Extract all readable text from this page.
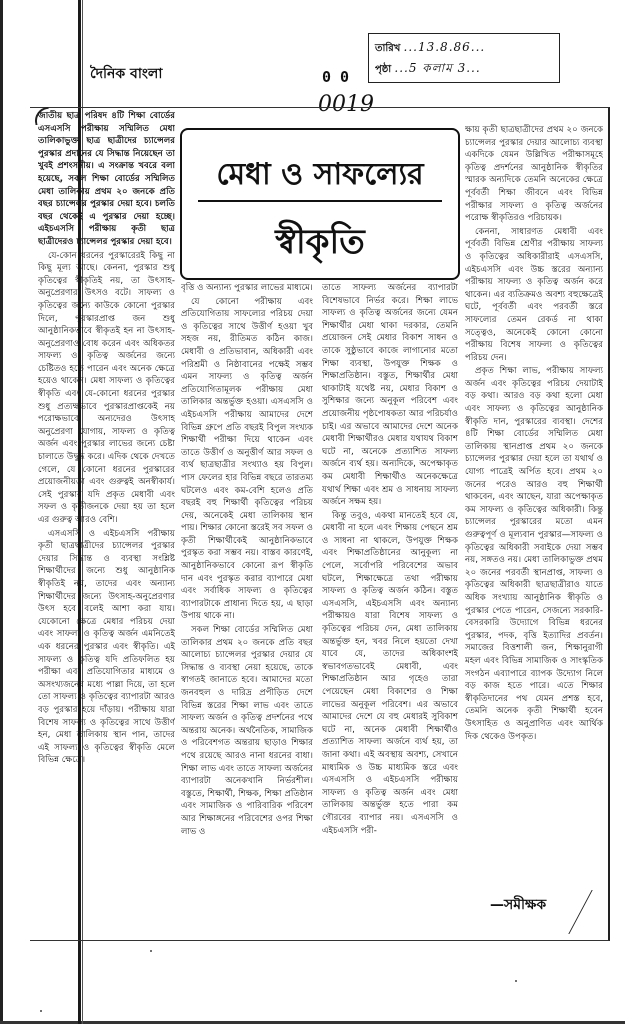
দৈনিক বাংলা	0 0
0019
তারিখ ...13.8.86...
পৃষ্ঠা ...5 কলাম 3...
মেধা ও সাফল্যের
স্বীকৃতি

জাতীয় ছাত্র পরিষদ ৪টি শিক্ষা বোর্ডের এসএসসি পরীক্ষায় সম্মিলিত মেধা তালিকাভুক্ত ছাত্র ছাত্রীদের চ্যান্সেলর পুরস্কার প্রদানের যে সিদ্ধান্ত নিয়েছেন তা খুবই প্রশংসনীয়। এ সংক্রান্ত খবরে বলা হয়েছে, সকল শিক্ষা বোর্ডের সম্মিলিত মেধা তালিকায় প্রথম ২০ জনকে প্রতি বছর চ্যান্সেলর পুরস্কার দেয়া হবে। চলতি বছর থেকেই এ পুরস্কার দেয়া হচ্ছে। এইচএসসি পরীক্ষায় কৃতী ছাত্র ছাত্রীদেরও চ্যান্সেলর পুরস্কার দেয়া হবে।

যে-কোন ধরনের পুরস্কারেরই কিছু না কিছু মূল্য আছে। কেননা, পুরস্কার শুধু কৃতিত্বের স্বীকৃতিই নয়, তা উৎসাহ-অনুপ্রেরণার উৎসও বটে। সাফল্য ও কৃতিত্বের জন্যে কাউকে কোনো পুরস্কার দিলে, পুরস্কারপ্রাপ্ত জন শুধু আনুষ্ঠানিকভাবে স্বীকৃতই হন না উৎসাহ-অনুপ্রেরণাও বোধ করেন এবং অধিকতর সাফল্য ও কৃতিত্ব অর্জনের জন্যে চেষ্টিতও হতে পারেন এবং অনেক ক্ষেত্রে হয়েও থাকেন। মেধা সাফল্য ও কৃতিত্বের স্বীকৃতি এবং যে-কোনো ধরনের পুরস্কার শুধু প্রত্যক্ষভাবে পুরস্কারপ্রাপ্তকেই নয় পরোক্ষভাবে অন্যদেরও উৎসাহ অনুপ্রেরণা যোগায়, সাফল্য ও কৃতিত্ব অর্জন এবং পুরস্কার লাভের জন্যে চেষ্টা চালাতে উদ্বুদ্ধ করে। এদিক থেকে দেখতে গেলে, যে কোনো ধরনের পুরস্কারের প্রয়োজনীয়তা এবং গুরুত্বই অনস্বীকার্য। সেই পুরস্কার যদি প্রকৃত মেধাবী এবং সফল ও কৃতীজনকে দেয়া হয় তা হলে এর গুরুত্ব আরও বেশি।

এসএসসি ও এইচএসসি পরীক্ষায় কৃতী ছাত্রছাত্রীদের চ্যান্সেলর পুরস্কার দেয়ার সিদ্ধান্ত ও ব্যবস্থা সংশ্লিষ্ট শিক্ষার্থীদের জন্যে শুধু আনুষ্ঠানিক স্বীকৃতিই নয়, তাদের এবং অন্যান্য শিক্ষার্থীদের জন্যে উৎসাহ-অনুপ্রেরণার উৎস হবে বলেই আশা করা যায়। যেকোনো ক্ষেত্রে মেধার পরিচয় দেয়া এবং সাফল্য ও কৃতিত্ব অর্জন এমনিতেই এক ধরনের পুরস্কার এবং স্বীকৃতি। এই সাফল্য ও কৃতিত্ব যদি প্রতিফলিত হয় পরীক্ষা এবং প্রতিযোগিতার মাধ্যমে ও অসংখ্যজনের মধ্যে পাল্লা দিয়ে, তা হলে তো সাফল্য ও কৃতিত্বের ব্যাপারটা আরও বড় পুরস্কার হয়ে দাঁড়ায়। পরীক্ষায় যারা বিশেষ সাফল্য ও কৃতিত্বের সাথে উত্তীর্ণ হন, মেধা তালিকায় স্থান পান, তাদের এই সাফল্য ও কৃতিত্বের স্বীকৃতি মেলে বিভিন্ন ক্ষেত্রে।

বৃত্তি ও অন্যান্য পুরস্কার লাভের মাধ্যমে।

যে কোনো পরীক্ষায় এবং প্রতিযোগিতায় সাফল্যের পরিচয় দেয়া ও কৃতিত্বের সাথে উত্তীর্ণ হওয়া খুব সহজ নয়, রীতিমত কঠিন কাজ। মেধাবী ও প্রতিভাবান, অধিকারী এবং পরিশ্রমী ও নিষ্ঠাবানের পক্ষেই সম্ভব এমন সাফল্য ও কৃতিত্ব অর্জন প্রতিযোগিতামূলক পরীক্ষায় মেধা তালিকার অন্তর্ভুক্ত হওয়া। এসএসসি ও এইচএসসি পরীক্ষায় আমাদের দেশে বিভিন্ন গ্রুপে প্রতি বছরই বিপুল সংখ্যক শিক্ষার্থী পরীক্ষা দিয়ে থাকেন এবং তাতে উত্তীর্ণ ও অনুত্তীর্ণ আর সফল ও ব্যর্থ ছাত্রছাত্রীর সংখ্যাও হয় বিপুল। পাস ফেলের হার বিভিন্ন বছরে তারতম্য ঘটলেও এবং কম-বেশি হলেও প্রতি বছরই বহু শিক্ষার্থী কৃতিত্বের পরিচয় দেয়, অনেকেই মেধা তালিকায় স্থান পায়। শিক্ষার কোনো স্তরেই সব সফল ও কৃতী শিক্ষার্থীকেই আনুষ্ঠানিকভাবে পুরস্কৃত করা সম্ভব নয়। বাস্তব কারণেই, আনুষ্ঠানিকভাবে কোনো রূপ স্বীকৃতি দান এবং পুরস্কৃত করার ব্যাপারে মেধা এবং সর্বাধিক সাফল্য ও কৃতিত্বের ব্যাপারটাকে প্রাধান্য দিতে হয়, এ ছাড়া উপায় থাকে না।

সকল শিক্ষা বোর্ডের সম্মিলিত মেধা তালিকার প্রথম ২০ জনকে প্রতি বছর আলোচ্য চ্যান্সেলর পুরস্কার দেয়ার যে সিদ্ধান্ত ও ব্যবস্থা নেয়া হয়েছে, তাকে স্বাগতই জানাতে হবে। আমাদের মতো জনবহুল ও দারিদ্র প্রপীড়িত দেশে বিভিন্ন স্তরের শিক্ষা লাভ এবং তাতে সাফল্য অর্জন ও কৃতিত্ব প্রদর্শনের পথে অন্তরায় অনেক। অর্থনৈতিক, সামাজিক ও পরিবেশগত অন্তরায় ছাড়াও শিক্ষার পথে রয়েছে আরও নানা ধরনের বাধা। শিক্ষা লাভ এবং তাতে সাফল্য অর্জনের ব্যাপারটা অনেকখানি নির্ভরশীল। বস্তুতে, শিক্ষার্থী, শিক্ষক, শিক্ষা প্রতিষ্ঠান এবং সামাজিক ও পারিবারিক পরিবেশ আর শিক্ষাঙ্গনের পরিবেশের ওপর শিক্ষা লাভ ও

তাতে সাফল্য অর্জনের ব্যাপারটা বিশেষভাবে নির্ভর করে। শিক্ষা লাভে সাফল্য ও কৃতিত্ব অর্জনের জন্যে যেমন শিক্ষার্থীর মেধা থাকা দরকার, তেমনি প্রয়োজন সেই মেধার বিকাশ সাধন ও তাকে সুষ্ঠুভাবে কাজে লাগানোর মতো শিক্ষা ব্যবস্থা, উপযুক্ত শিক্ষক ও শিক্ষাপ্রতিষ্ঠান। বস্তুত, শিক্ষার্থীর মেধা থাকাটাই যথেষ্ট নয়, মেধার বিকাশ ও সুশিক্ষার জন্যে অনুকূল পরিবেশ এবং প্রয়োজনীয় পৃষ্ঠপোষকতা আর পরিচর্যাও চাই। এর অভাবে আমাদের দেশে অনেক মেধাবী শিক্ষার্থীরও মেধার যথাযথ বিকাশ ঘটে না, অনেকে প্রত্যাশিত সাফল্য অর্জনে ব্যর্থ হয়। অন্যদিকে, অপেক্ষাকৃত কম মেধাবী শিক্ষার্থীও অনেকক্ষেত্রে যথার্থ শিক্ষা এবং শ্রম ও সাধনায় সাফল্য অর্জনে সক্ষম হয়।

কিন্তু তবুও, একথা মানতেই হবে যে, মেধাবী না হলে এবং শিক্ষায় পেছনে শ্রম ও সাধনা না থাকলে, উপযুক্ত শিক্ষক এবং শিক্ষাপ্রতিষ্ঠানের আনুকূল্য না পেলে, সর্বোপরি পরিবেশের অভাব ঘটলে, শিক্ষাক্ষেত্রে তথা পরীক্ষায় সাফল্য ও কৃতিত্ব অর্জন কঠিন। বস্তুত এসএসসি, এইচএসসি এবং অন্যান্য পরীক্ষায়ও যারা বিশেষ সাফল্য ও কৃতিত্বের পরিচয় দেন, মেধা তালিকায় অন্তর্ভুক্ত হন, খবর নিলে হয়তো দেখা যাবে যে, তাদের অধিকাংশই স্বভাবগতভাবেই মেধাবী, এবং শিক্ষাপ্রতিষ্ঠান আর গৃহেও তারা পেয়েছেন মেধা বিকাশের ও শিক্ষা লাভের অনুকূল পরিবেশ। এর অভাবে আমাদের দেশে যে বহু মেধারই সুবিকাশ ঘটে না, অনেক মেধাবী শিক্ষার্থীও প্রত্যাশিত সাফল্য অর্জনে ব্যর্থ হয়, তা জানা কথা। এই অবস্থায় অবশ্য, সেখানে মাধ্যমিক ও উচ্চ মাধ্যমিক স্তরে এবং এসএসসি ও এইচএসসি পরীক্ষায় সাফল্য ও কৃতিত্ব অর্জন এবং মেধা তালিকায় অন্তর্ভুক্ত হতে পারা কম গৌরবের ব্যাপার নয়। এসএসসি ও এইচএসসি পরী-

ক্ষায় কৃতী ছাত্রছাত্রীদের প্রথম ২০ জনকে চ্যান্সেলর পুরস্কার দেয়ার আলোচ্য ব্যবস্থা একদিকে যেমন উল্লিখিত পরীক্ষাসমূহে কৃতিত্ব প্রদর্শনের আনুষ্ঠানিক স্বীকৃতির স্মারক অন্যদিকে তেমনি অনেকের ক্ষেত্রে পূর্ববর্তী শিক্ষা জীবনে এবং বিভিন্ন পরীক্ষার সাফল্য ও কৃতিত্ব অর্জনের পরোক্ষ স্বীকৃতিরও পরিচায়ক।

কেননা, সাধারণত মেধাবী এবং পূর্ববর্তী বিভিন্ন শ্রেণীর পরীক্ষায় সাফল্য ও কৃতিত্বের অধিকারীরাই এসএসসি, এইচএসসি এবং উচ্চ স্তরের অন্যান্য পরীক্ষায় সাফল্য ও কৃতিত্ব অর্জন করে থাকেন। এর ব্যতিক্রমও অবশ্য বহুক্ষেত্রেই ঘটে, পূর্ববর্তী এবং পরবর্তী স্তরে সাফল্যের তেমন রেকর্ড না থাকা সত্ত্বেও, অনেকেই কোনো কোনো পরীক্ষায় বিশেষ সাফল্য ও কৃতিত্বের পরিচয় দেন।

প্রকৃত শিক্ষা লাভ, পরীক্ষায় সাফল্য অর্জন এবং কৃতিত্বের পরিচয় দেয়াটাই বড় কথা। আরও বড় কথা হলো মেধা এবং সাফল্য ও কৃতিত্বের আনুষ্ঠানিক স্বীকৃতি দান, পুরস্কারের ব্যবস্থা। দেশের ৪টি শিক্ষা বোর্ডের সম্মিলিত মেধা তালিকায় স্থানপ্রাপ্ত প্রথম ২০ জনকে চ্যান্সেলর পুরস্কার দেয়া হলে তা যথার্থ ও যোগ্য পাত্রেই অর্পিত হবে। প্রথম ২০ জনের পরেও আরও বহু শিক্ষার্থী থাকবেন, এবং আছেন, যারা অপেক্ষাকৃত কম সাফল্য ও কৃতিত্বের অধিকারী। কিন্তু চ্যান্সেলর পুরস্কারের মতো এমন গুরুত্বপূর্ণ ও মূল্যবান পুরস্কার—সাফল্য ও কৃতিত্বের অধিকারী সবাইকে দেয়া সম্ভব নয়, সঙ্গতও নয়। মেধা তালিকাভুক্ত প্রথম ২০ জনের পরবর্তী স্থানপ্রাপ্ত, সাফল্য ও কৃতিত্বের অধিকারী ছাত্রছাত্রীরাও যাতে অধিক সংখ্যায় আনুষ্ঠানিক স্বীকৃতি ও পুরস্কার পেতে পারেন, সেজন্যে সরকারি-বেসরকারি উদ্যোগে বিভিন্ন ধরনের পুরস্কার, পদক, বৃত্তি ইত্যাদির প্রবর্তন। সমাজের বিত্তশালী জন, শিক্ষানুরাগী মহল এবং বিভিন্ন সামাজিক ও সাংস্কৃতিক সংগঠন এব্যাপারে ব্যাপক উদ্যোগ নিলে বড় কাজ হতে পারে। এতে শিক্ষার স্বীকৃতিদানের পথ যেমন প্রশস্ত হবে, তেমনি অনেক কৃতী শিক্ষার্থী হবেন উৎসাহিত ও অনুপ্রাণিত এবং আর্থিক দিক থেকেও উপকৃত।

—সমীক্ষক
